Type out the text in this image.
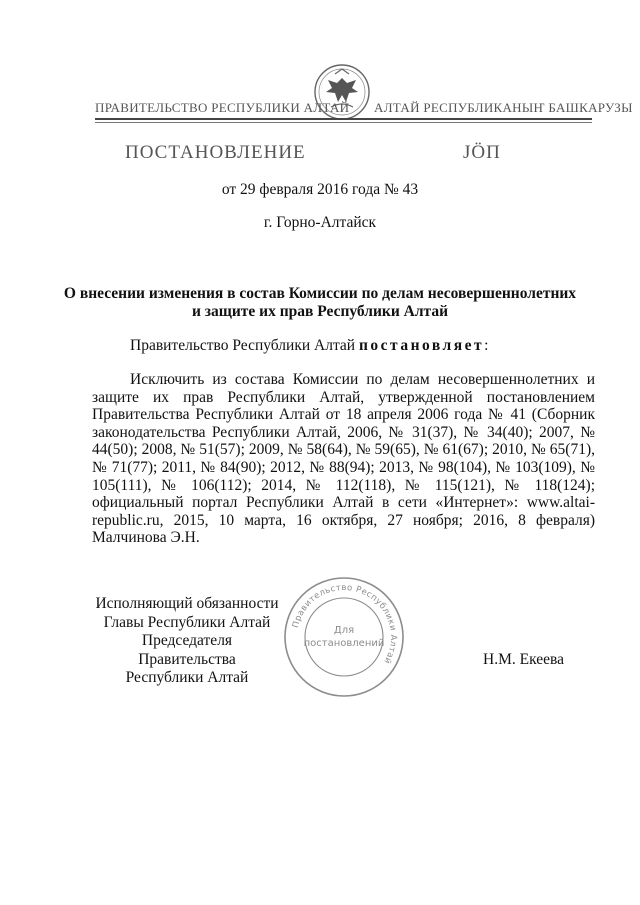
ПРАВИТЕЛЬСТВО РЕСПУБЛИКИ АЛТАЙ АЛТАЙ РЕСПУБЛИКАНЫҤ БАШКАРУЗЫ
ПОСТАНОВЛЕНИЕ	ЈӦП
от 29 февраля 2016 года № 43
г. Горно-Алтайск
О внесении изменения в состав Комиссии по делам несовершеннолетних
и защите их прав Республики Алтай
Правительство Республики Алтай постановляет:
Исключить из состава Комиссии по делам несовершеннолетних и защите их прав Республики Алтай, утвержденной постановлением Правительства Республики Алтай от 18 апреля 2006 года № 41 (Сборник законодательства Республики Алтай, 2006, № 31(37), № 34(40); 2007, № 44(50); 2008, № 51(57); 2009, № 58(64), № 59(65), № 61(67); 2010, № 65(71), № 71(77); 2011, № 84(90); 2012, № 88(94); 2013, № 98(104), № 103(109), № 105(111), № 106(112); 2014, № 112(118), № 115(121), № 118(124); официальный портал Республики Алтай в сети «Интернет»: www.altai-republic.ru, 2015, 10 марта, 16 октября, 27 ноября; 2016, 8 февраля) Малчинова Э.Н.
Правительство Республики Алтай
Для
постановлений
Исполняющий обязанности
Главы Республики Алтай
Председателя Правительства
Республики Алтай
Н.М. Екеева
